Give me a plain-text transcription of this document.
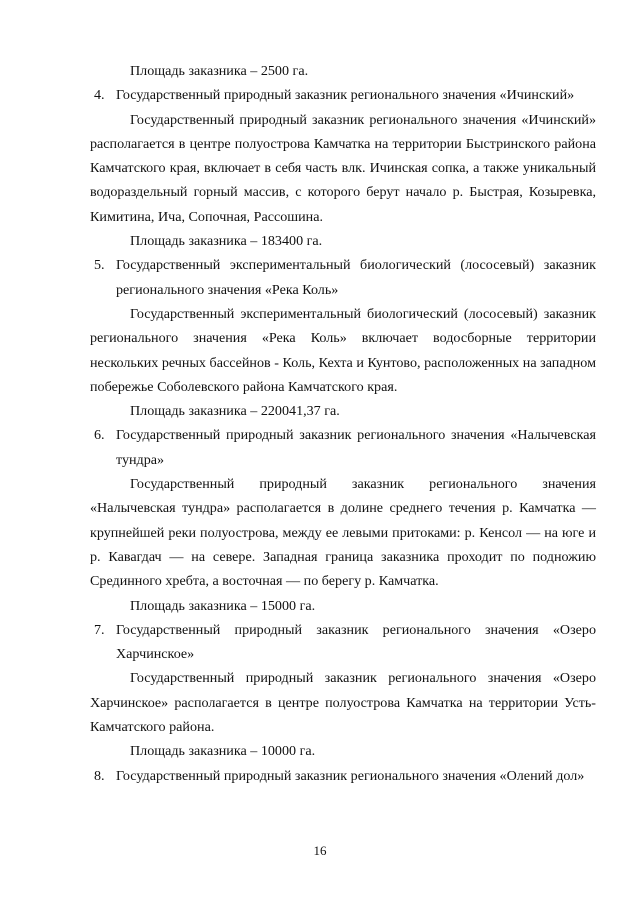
Площадь заказника – 2500 га.

4. Государственный природный заказник регионального значения «Ичинский»

Государственный природный заказник регионального значения «Ичинский» располагается в центре полуострова Камчатка на территории Быстринского района Камчатского края, включает в себя часть влк. Ичинская сопка, а также уникальный водораздельный горный массив, с которого берут начало р. Быстрая, Козыревка, Кимитина, Ича, Сопочная, Рассошина.

Площадь заказника – 183400 га.

5. Государственный экспериментальный биологический (лососевый) заказник регионального значения «Река Коль»

Государственный экспериментальный биологический (лососевый) заказник регионального значения «Река Коль» включает водосборные территории нескольких речных бассейнов - Коль, Кехта и Кунтово, расположенных на западном побережье Соболевского района Камчатского края.

Площадь заказника – 220041,37 га.

6. Государственный природный заказник регионального значения «Налычевская тундра»

Государственный природный заказник регионального значения «Налычевская тундра» располагается в долине среднего течения р. Камчатка — крупнейшей реки полуострова, между ее левыми притоками: р. Кенсол — на юге и р. Кавагдач — на севере. Западная граница заказника проходит по подножию Срединного хребта, а восточная — по берегу р. Камчатка.

Площадь заказника – 15000 га.

7. Государственный природный заказник регионального значения «Озеро Харчинское»

Государственный природный заказник регионального значения «Озеро Харчинское» располагается в центре полуострова Камчатка на территории Усть-Камчатского района.

Площадь заказника – 10000 га.

8. Государственный природный заказник регионального значения «Олений дол»
16
